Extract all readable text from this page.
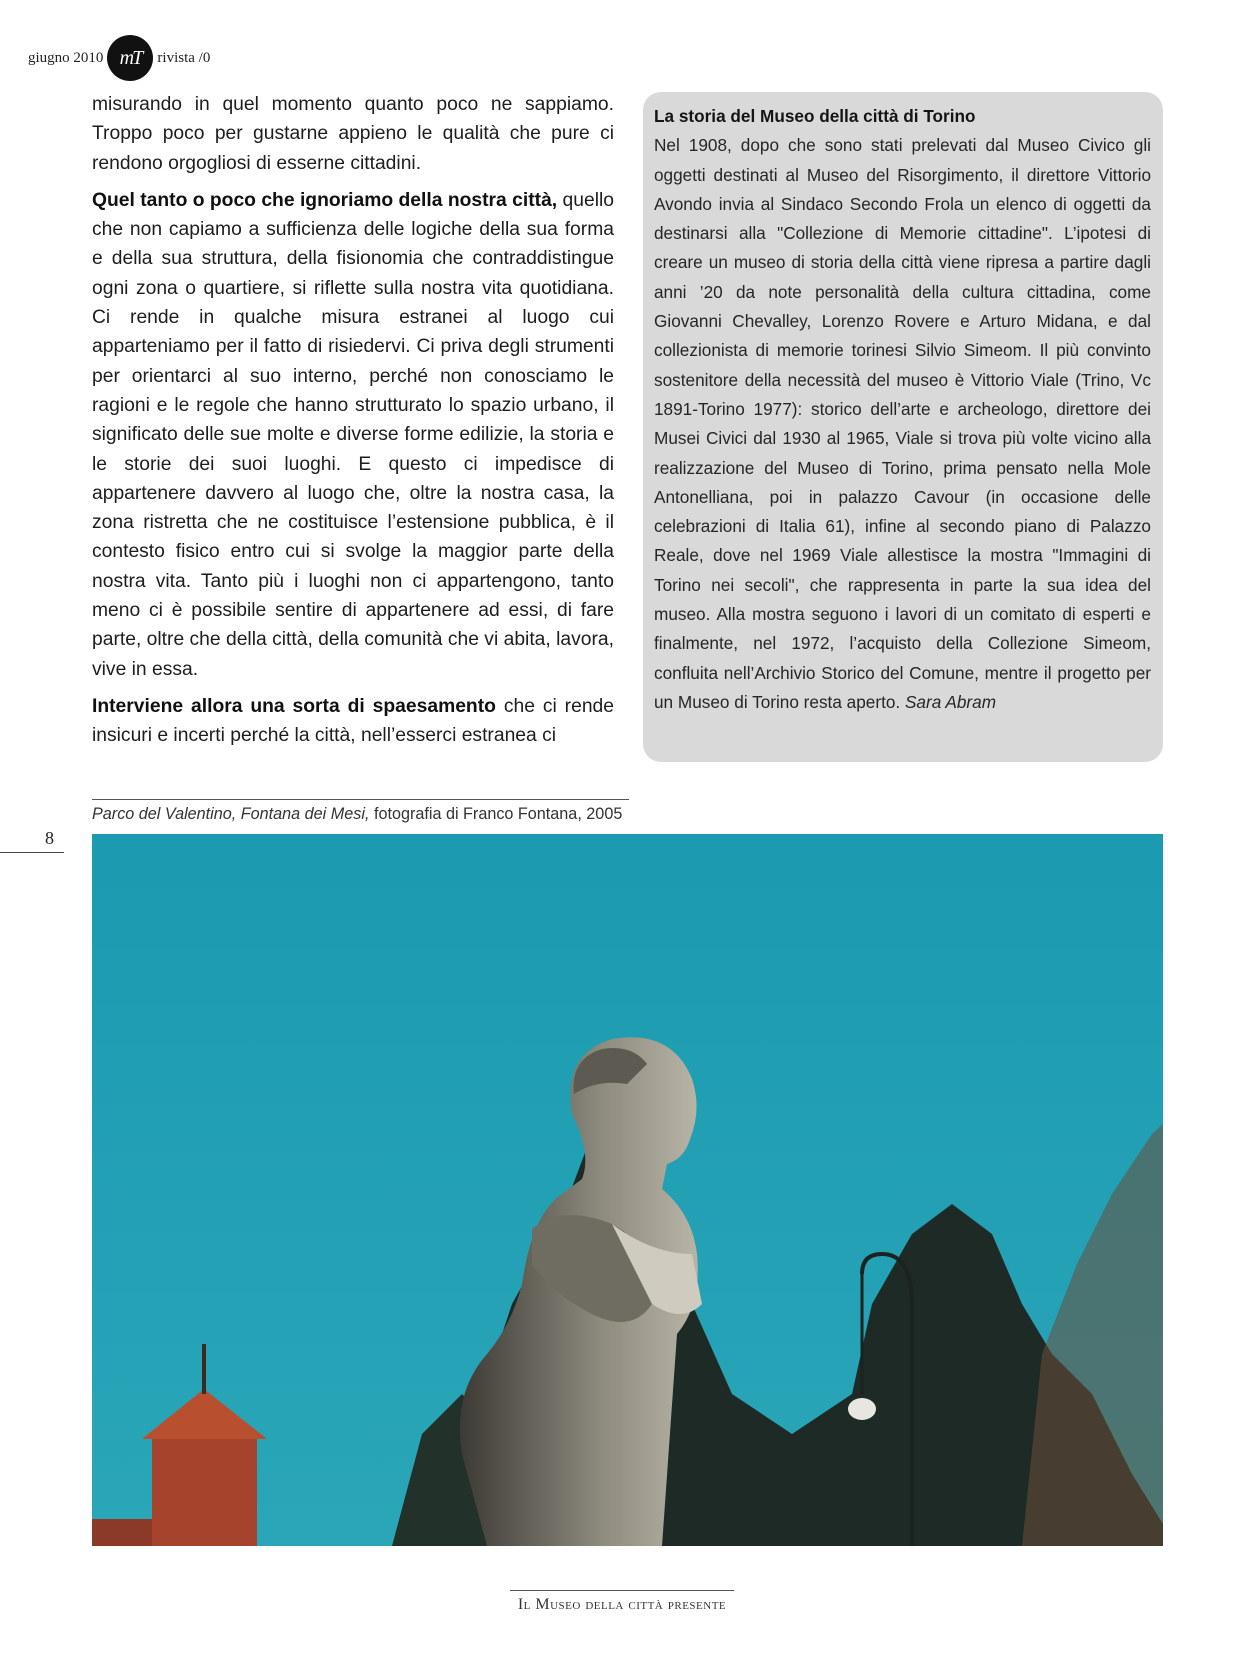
giugno 2010 mT rivista /0

misurando in quel momento quanto poco ne sappiamo. Troppo poco per gustarne appieno le qualità che pure ci rendono orgogliosi di esserne cittadini.

Quel tanto o poco che ignoriamo della nostra città, quello che non capiamo a sufficienza delle logiche della sua forma e della sua struttura, della fisionomia che contraddistingue ogni zona o quartiere, si riflette sulla nostra vita quotidiana. Ci rende in qualche misura estranei al luogo cui apparteniamo per il fatto di risiedervi. Ci priva degli strumenti per orientarci al suo interno, perché non conosciamo le ragioni e le regole che hanno strutturato lo spazio urbano, il significato delle sue molte e diverse forme edilizie, la storia e le storie dei suoi luoghi. E questo ci impedisce di appartenere davvero al luogo che, oltre la nostra casa, la zona ristretta che ne costituisce l’estensione pubblica, è il contesto fisico entro cui si svolge la maggior parte della nostra vita. Tanto più i luoghi non ci appartengono, tanto meno ci è possibile sentire di appartenere ad essi, di fare parte, oltre che della città, della comunità che vi abita, lavora, vive in essa.

Interviene allora una sorta di spaesamento che ci rende insicuri e incerti perché la città, nell’esserci estranea ci

La storia del Museo della città di Torino

Nel 1908, dopo che sono stati prelevati dal Museo Civico gli oggetti destinati al Museo del Risorgimento, il direttore Vittorio Avondo invia al Sindaco Secondo Frola un elenco di oggetti da destinarsi alla "Collezione di Memorie cittadine". L’ipotesi di creare un museo di storia della città viene ripresa a partire dagli anni ’20 da note personalità della cultura cittadina, come Giovanni Chevalley, Lorenzo Rovere e Arturo Midana, e dal collezionista di memorie torinesi Silvio Simeom. Il più convinto sostenitore della necessità del museo è Vittorio Viale (Trino, Vc 1891-Torino 1977): storico dell’arte e archeologo, direttore dei Musei Civici dal 1930 al 1965, Viale si trova più volte vicino alla realizzazione del Museo di Torino, prima pensato nella Mole Antonelliana, poi in palazzo Cavour (in occasione delle celebrazioni di Italia 61), infine al secondo piano di Palazzo Reale, dove nel 1969 Viale allestisce la mostra "Immagini di Torino nei secoli", che rappresenta in parte la sua idea del museo. Alla mostra seguono i lavori di un comitato di esperti e finalmente, nel 1972, l’acquisto della Collezione Simeom, confluita nell’Archivio Storico del Comune, mentre il progetto per un Museo di Torino resta aperto. Sara Abram

Parco del Valentino, Fontana dei Mesi, fotografia di Franco Fontana, 2005
8
Il Museo della città presente
